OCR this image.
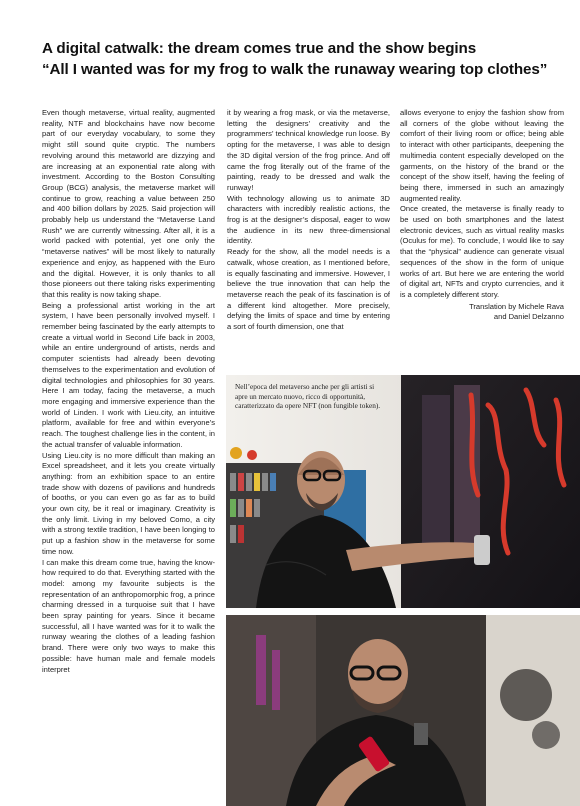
A digital catwalk: the dream comes true and the show begins
“All I wanted was for my frog to walk the runaway wearing top clothes”

Even though metaverse, virtual reality, augmented reality, NTF and blockchains have now become part of our everyday vocabulary, to some they might still sound quite cryptic. The numbers revolving around this metaworld are dizzying and are increasing at an exponential rate along with investment. According to the Boston Consulting Group (BCG) analysis, the metaverse market will continue to grow, reaching a value between 250 and 400 billion dollars by 2025. Said projection will probably help us understand the “Metaverse Land Rush” we are currently witnessing. After all, it is a world packed with potential, yet one only the “metaverse natives” will be most likely to naturally experience and enjoy, as happened with the Euro and the digital. However, it is only thanks to all those pioneers out there taking risks experimenting that this reality is now taking shape.

Being a professional artist working in the art system, I have been personally involved myself. I remember being fascinated by the early attempts to create a virtual world in Second Life back in 2003, while an entire underground of artists, nerds and computer scientists had already been devoting themselves to the experimentation and evolution of digital technologies and philosophies for 30 years. Here I am today, facing the metaverse, a much more engaging and immersive experience than the world of Linden. I work with Lieu.city, an intuitive platform, available for free and within everyone’s reach. The toughest challenge lies in the content, in the actual transfer of valuable information.

Using Lieu.city is no more difficult than making an Excel spreadsheet, and it lets you create virtually anything: from an exhibition space to an entire trade show with dozens of pavilions and hundreds of booths, or you can even go as far as to build your own city, be it real or imaginary. Creativity is the only limit. Living in my beloved Como, a city with a strong textile tradition, I have been longing to put up a fashion show in the metaverse for some time now.

I can make this dream come true, having the know-how required to do that. Everything started with the model: among my favourite subjects is the representation of an anthropomorphic frog, a prince charming dressed in a turquoise suit that I have been spray painting for years. Since it became successful, all I have wanted was for it to walk the runway wearing the clothes of a leading fashion brand. There were only two ways to make this possible: have human male and female models interpret

it by wearing a frog mask, or via the metaverse, letting the designers’ creativity and the programmers’ technical knowledge run loose. By opting for the metaverse, I was able to design the 3D digital version of the frog prince. And off came the frog literally out of the frame of the painting, ready to be dressed and walk the runway!

With technology allowing us to animate 3D characters with incredibly realistic actions, the frog is at the designer’s disposal, eager to wow the audience in its new three-dimensional identity.

Ready for the show, all the model needs is a catwalk, whose creation, as I mentioned before, is equally fascinating and immersive. However, I believe the true innovation that can help the metaverse reach the peak of its fascination is of a different kind altogether. More precisely, defying the limits of space and time by entering a sort of fourth dimension, one that

allows everyone to enjoy the fashion show from all corners of the globe without leaving the comfort of their living room or office; being able to interact with other participants, deepening the multimedia content especially developed on the garments, on the history of the brand or the concept of the show itself, having the feeling of being there, immersed in such an amazingly augmented reality.

Once created, the metaverse is finally ready to be used on both smartphones and the latest electronic devices, such as virtual reality masks (Oculus for me). To conclude, I would like to say that the “physical” audience can generate visual sequences of the show in the form of unique works of art. But here we are entering the world of digital art, NFTs and crypto currencies, and it is a completely different story.

Translation by Michele Rava
and Daniel Delzanno
Nell’epoca del metaverso anche per gli artisti si apre un mercato nuovo, ricco di opportunità, caratterizzato da opere NFT (non fungible token).
